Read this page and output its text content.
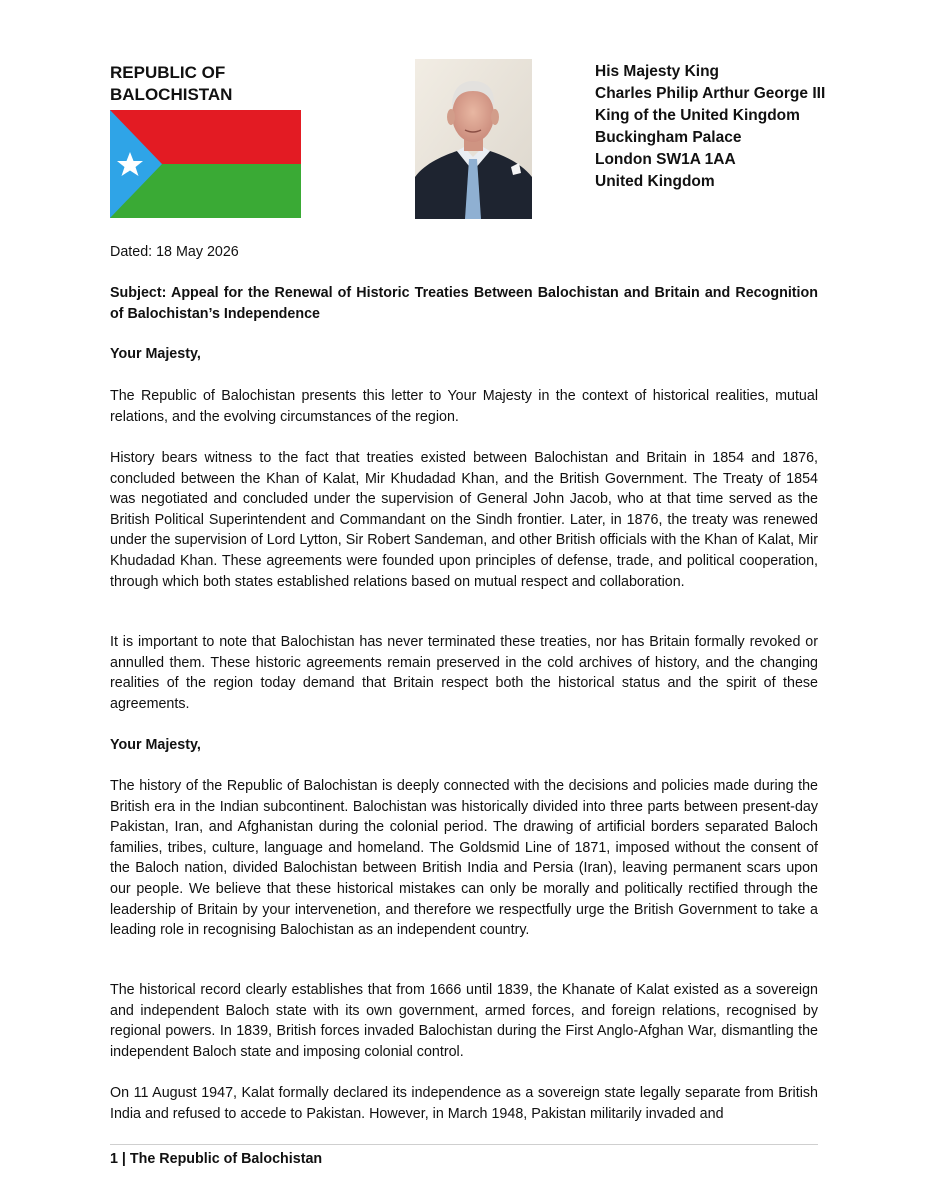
REPUBLIC OF
BALOCHISTAN
His Majesty King
Charles Philip Arthur George III
King of the United Kingdom
Buckingham Palace
London SW1A 1AA
United Kingdom
Dated: 18 May 2026
Subject: Appeal for the Renewal of Historic Treaties Between Balochistan and Britain and Recognition of Balochistan’s Independence
Your Majesty,
The Republic of Balochistan presents this letter to Your Majesty in the context of historical realities, mutual relations, and the evolving circumstances of the region.
History bears witness to the fact that treaties existed between Balochistan and Britain in 1854 and 1876, concluded between the Khan of Kalat, Mir Khudadad Khan, and the British Government. The Treaty of 1854 was negotiated and concluded under the supervision of General John Jacob, who at that time served as the British Political Superintendent and Commandant on the Sindh frontier. Later, in 1876, the treaty was renewed under the supervision of Lord Lytton, Sir Robert Sandeman, and other British officials with the Khan of Kalat, Mir Khudadad Khan. These agreements were founded upon principles of defense, trade, and political cooperation, through which both states established relations based on mutual respect and collaboration.
It is important to note that Balochistan has never terminated these treaties, nor has Britain formally revoked or annulled them. These historic agreements remain preserved in the cold archives of history, and the changing realities of the region today demand that Britain respect both the historical status and the spirit of these agreements.
Your Majesty,
The history of the Republic of Balochistan is deeply connected with the decisions and policies made during the British era in the Indian subcontinent. Balochistan was historically divided into three parts between present-day Pakistan, Iran, and Afghanistan during the colonial period. The drawing of artificial borders separated Baloch families, tribes, culture, language and homeland. The Goldsmid Line of 1871, imposed without the consent of the Baloch nation, divided Balochistan between British India and Persia (Iran), leaving permanent scars upon our people. We believe that these historical mistakes can only be morally and politically rectified through the leadership of Britain by your intervenetion, and therefore we respectfully urge the British Government to take a leading role in recognising Balochistan as an independent country.
The historical record clearly establishes that from 1666 until 1839, the Khanate of Kalat existed as a sovereign and independent Baloch state with its own government, armed forces, and foreign relations, recognised by regional powers. In 1839, British forces invaded Balochistan during the First Anglo-Afghan War, dismantling the independent Baloch state and imposing colonial control.
On 11 August 1947, Kalat formally declared its independence as a sovereign state legally separate from British India and refused to accede to Pakistan. However, in March 1948, Pakistan militarily invaded and
1 | The Republic of Balochistan
